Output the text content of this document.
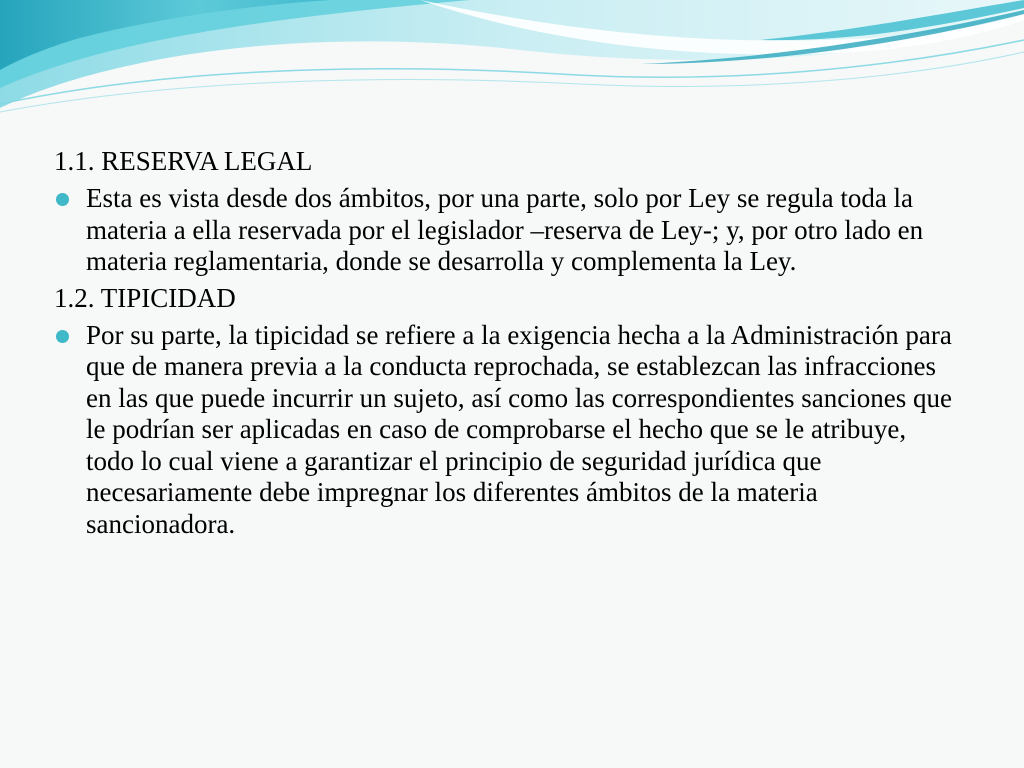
1.1. RESERVA LEGAL
Esta es vista desde dos ámbitos, por una parte, solo por Ley se regula toda la materia a ella reservada por el legislador –reserva de Ley-; y, por otro lado en materia reglamentaria, donde se desarrolla y complementa la Ley.
1.2. TIPICIDAD
Por su parte, la tipicidad se refiere a la exigencia hecha a la Administración para que de manera previa a la conducta reprochada, se establezcan las infracciones en las que puede incurrir un sujeto, así como las correspondientes sanciones que le podrían ser aplicadas en caso de comprobarse el hecho que se le atribuye, todo lo cual viene a garantizar el principio de seguridad jurídica que necesariamente debe impregnar los diferentes ámbitos de la materia sancionadora.
